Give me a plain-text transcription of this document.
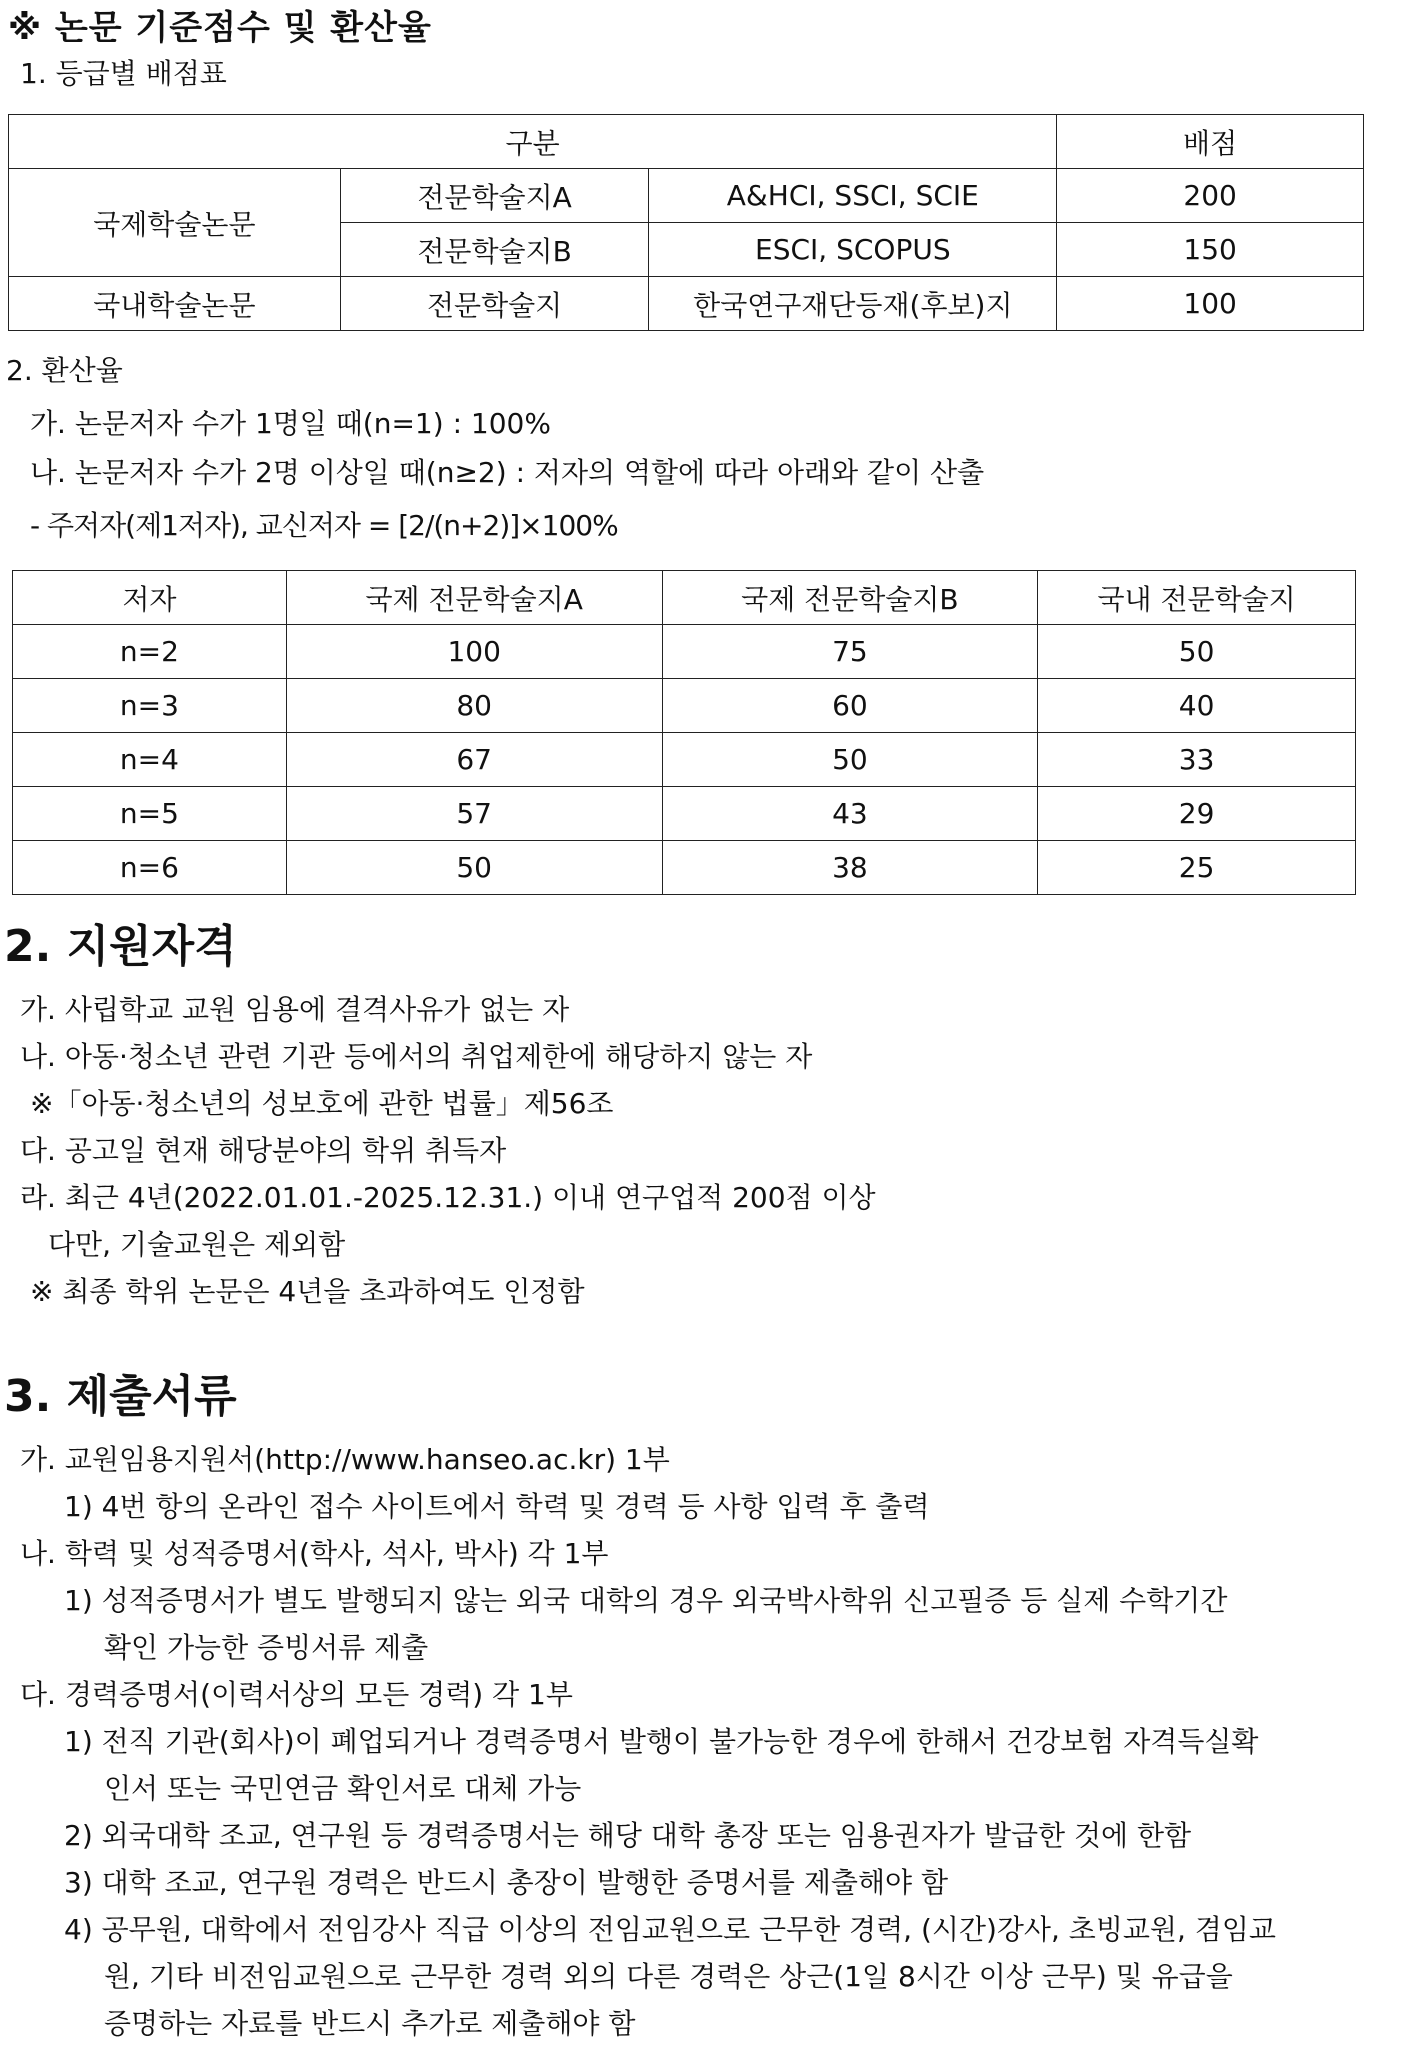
※ 논문 기준점수 및 환산율
1. 등급별 배점표
구분			배점
국제학술논문	전문학술지A	A&HCI, SSCI, SCIE	200
	전문학술지B	ESCI, SCOPUS	150
국내학술논문	전문학술지	한국연구재단등재(후보)지	100
2. 환산율
가. 논문저자 수가 1명일 때(n=1) : 100%
나. 논문저자 수가 2명 이상일 때(n≥2) : 저자의 역할에 따라 아래와 같이 산출
- 주저자(제1저자), 교신저자 = [2/(n+2)]×100%
저자	국제 전문학술지A	국제 전문학술지B	국내 전문학술지
n=2	100	75	50
n=3	80	60	40
n=4	67	50	33
n=5	57	43	29
n=6	50	38	25
2. 지원자격
가. 사립학교 교원 임용에 결격사유가 없는 자
나. 아동·청소년 관련 기관 등에서의 취업제한에 해당하지 않는 자
※「아동·청소년의 성보호에 관한 법률」제56조
다. 공고일 현재 해당분야의 학위 취득자
라. 최근 4년(2022.01.01.-2025.12.31.) 이내 연구업적 200점 이상
다만, 기술교원은 제외함
※ 최종 학위 논문은 4년을 초과하여도 인정함
3. 제출서류
가. 교원임용지원서(http://www.hanseo.ac.kr) 1부
1) 4번 항의 온라인 접수 사이트에서 학력 및 경력 등 사항 입력 후 출력
나. 학력 및 성적증명서(학사, 석사, 박사) 각 1부
1) 성적증명서가 별도 발행되지 않는 외국 대학의 경우 외국박사학위 신고필증 등 실제 수학기간
확인 가능한 증빙서류 제출
다. 경력증명서(이력서상의 모든 경력) 각 1부
1) 전직 기관(회사)이 폐업되거나 경력증명서 발행이 불가능한 경우에 한해서 건강보험 자격득실확
인서 또는 국민연금 확인서로 대체 가능
2) 외국대학 조교, 연구원 등 경력증명서는 해당 대학 총장 또는 임용권자가 발급한 것에 한함
3) 대학 조교, 연구원 경력은 반드시 총장이 발행한 증명서를 제출해야 함
4) 공무원, 대학에서 전임강사 직급 이상의 전임교원으로 근무한 경력, (시간)강사, 초빙교원, 겸임교
원, 기타 비전임교원으로 근무한 경력 외의 다른 경력은 상근(1일 8시간 이상 근무) 및 유급을
증명하는 자료를 반드시 추가로 제출해야 함
